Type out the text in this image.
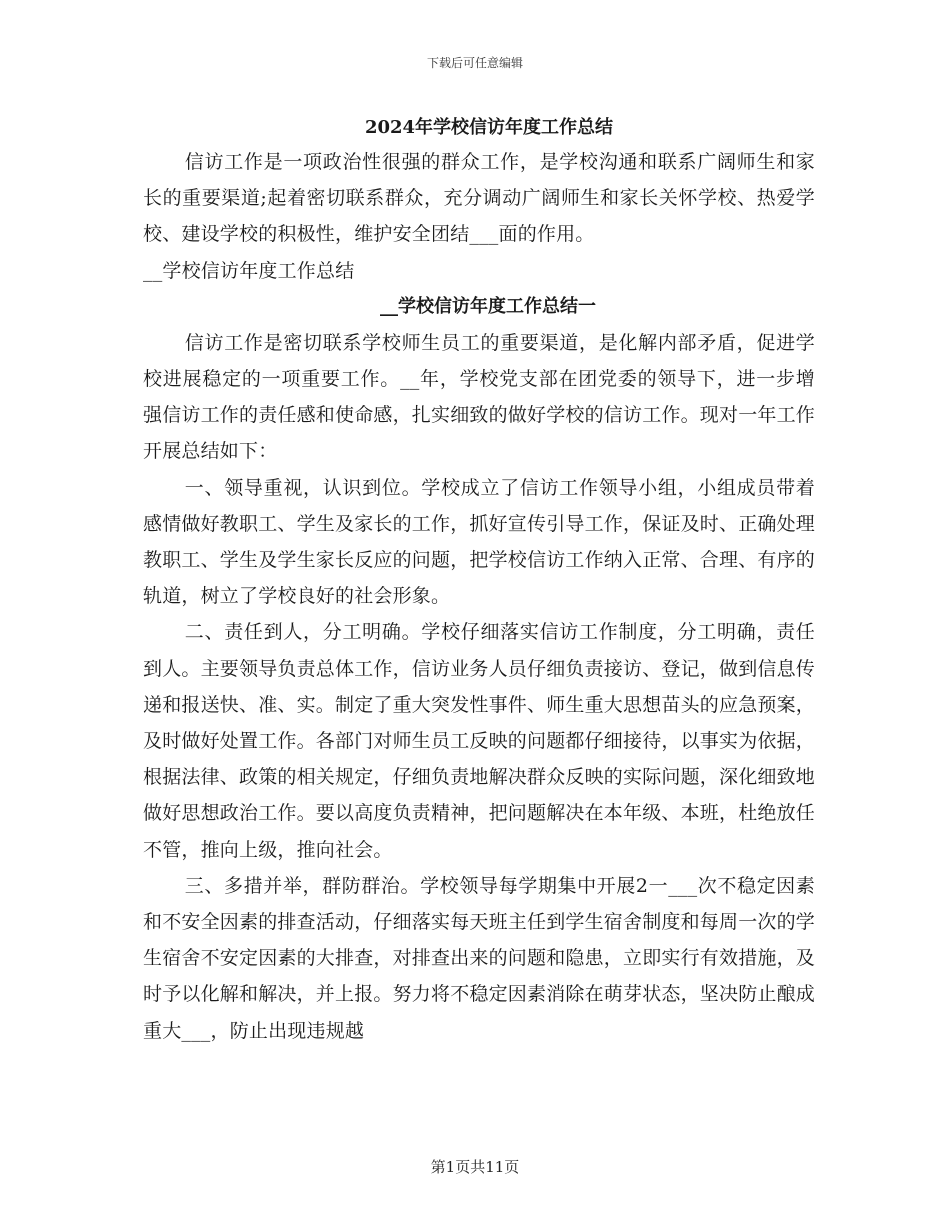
下载后可任意编辑
2024年学校信访年度工作总结

信访工作是一项政治性很强的群众工作，是学校沟通和联系广阔师生和家长的重要渠道;起着密切联系群众，充分调动广阔师生和家长关怀学校、热爱学校、建设学校的积极性，维护安全团结___面的作用。

__学校信访年度工作总结

__学校信访年度工作总结一

信访工作是密切联系学校师生员工的重要渠道，是化解内部矛盾，促进学校进展稳定的一项重要工作。__年，学校党支部在团党委的领导下，进一步增强信访工作的责任感和使命感，扎实细致的做好学校的信访工作。现对一年工作开展总结如下：

一、领导重视，认识到位。学校成立了信访工作领导小组，小组成员带着感情做好教职工、学生及家长的工作，抓好宣传引导工作，保证及时、正确处理教职工、学生及学生家长反应的问题，把学校信访工作纳入正常、合理、有序的轨道，树立了学校良好的社会形象。

二、责任到人，分工明确。学校仔细落实信访工作制度，分工明确，责任到人。主要领导负责总体工作，信访业务人员仔细负责接访、登记，做到信息传递和报送快、准、实。制定了重大突发性事件、师生重大思想苗头的应急预案，及时做好处置工作。各部门对师生员工反映的问题都仔细接待，以事实为依据，根据法律、政策的相关规定，仔细负责地解决群众反映的实际问题，深化细致地做好思想政治工作。要以高度负责精神，把问题解决在本年级、本班，杜绝放任不管，推向上级，推向社会。

三、多措并举，群防群治。学校领导每学期集中开展2一___次不稳定因素和不安全因素的排查活动，仔细落实每天班主任到学生宿舍制度和每周一次的学生宿舍不安定因素的大排查，对排查出来的问题和隐患，立即实行有效措施，及时予以化解和解决，并上报。努力将不稳定因素消除在萌芽状态，坚决防止酿成重大___，防止出现违规越

第1页共11页
